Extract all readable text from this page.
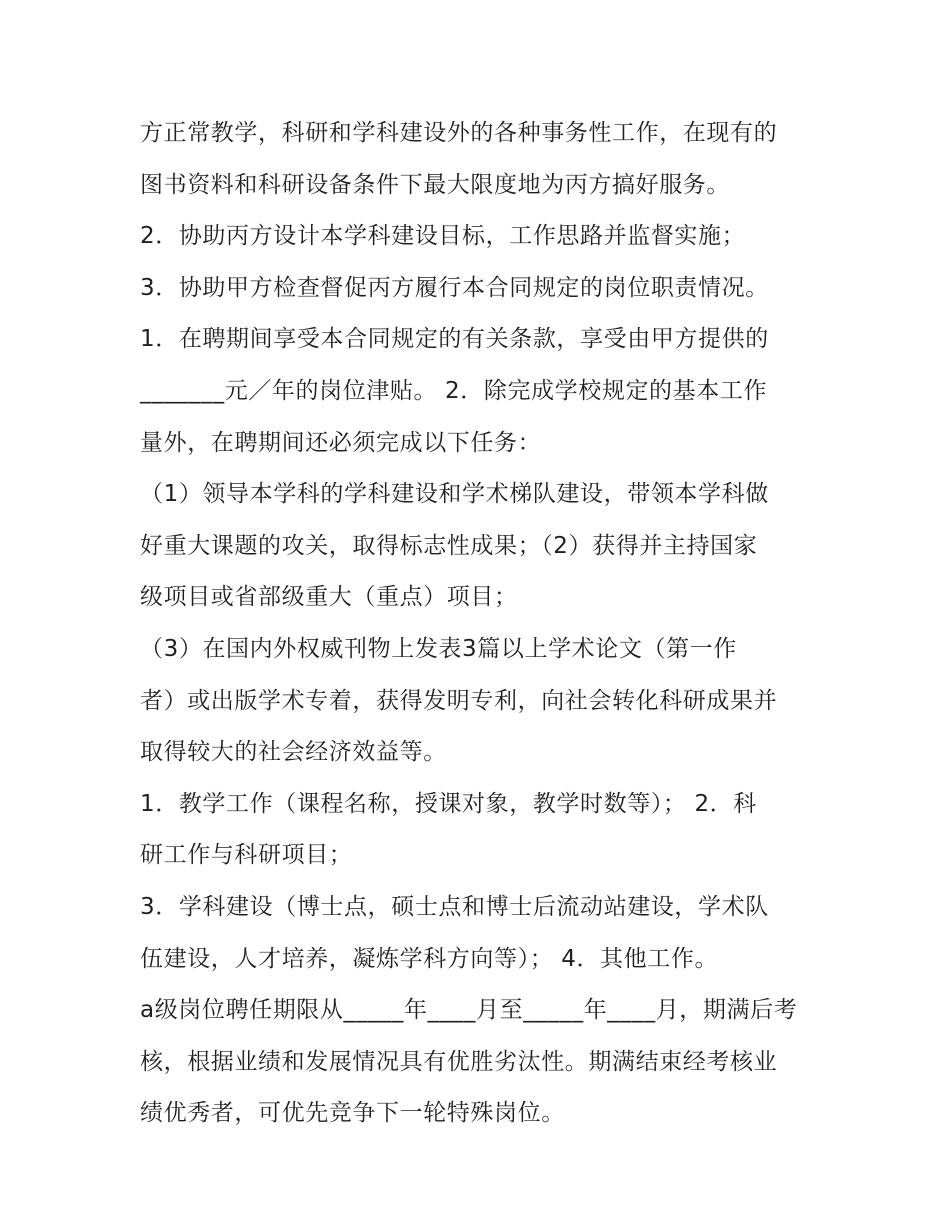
方正常教学，科研和学科建设外的各种事务性工作，在现有的
图书资料和科研设备条件下最大限度地为丙方搞好服务。
2．协助丙方设计本学科建设目标，工作思路并监督实施；
3．协助甲方检查督促丙方履行本合同规定的岗位职责情况。
1．在聘期间享受本合同规定的有关条款，享受由甲方提供的
_______元／年的岗位津贴。 2．除完成学校规定的基本工作
量外，在聘期间还必须完成以下任务：
（1）领导本学科的学科建设和学术梯队建设，带领本学科做
好重大课题的攻关，取得标志性成果；（2）获得并主持国家
级项目或省部级重大（重点）项目；
（3）在国内外权威刊物上发表3篇以上学术论文（第一作
者）或出版学术专着，获得发明专利，向社会转化科研成果并
取得较大的社会经济效益等。
1．教学工作（课程名称，授课对象，教学时数等）； 2．科
研工作与科研项目；
3．学科建设（博士点，硕士点和博士后流动站建设，学术队
伍建设，人才培养，凝炼学科方向等）； 4．其他工作。
a级岗位聘任期限从_____年____月至_____年____月，期满后考
核，根据业绩和发展情况具有优胜劣汰性。期满结束经考核业
绩优秀者，可优先竞争下一轮特殊岗位。
